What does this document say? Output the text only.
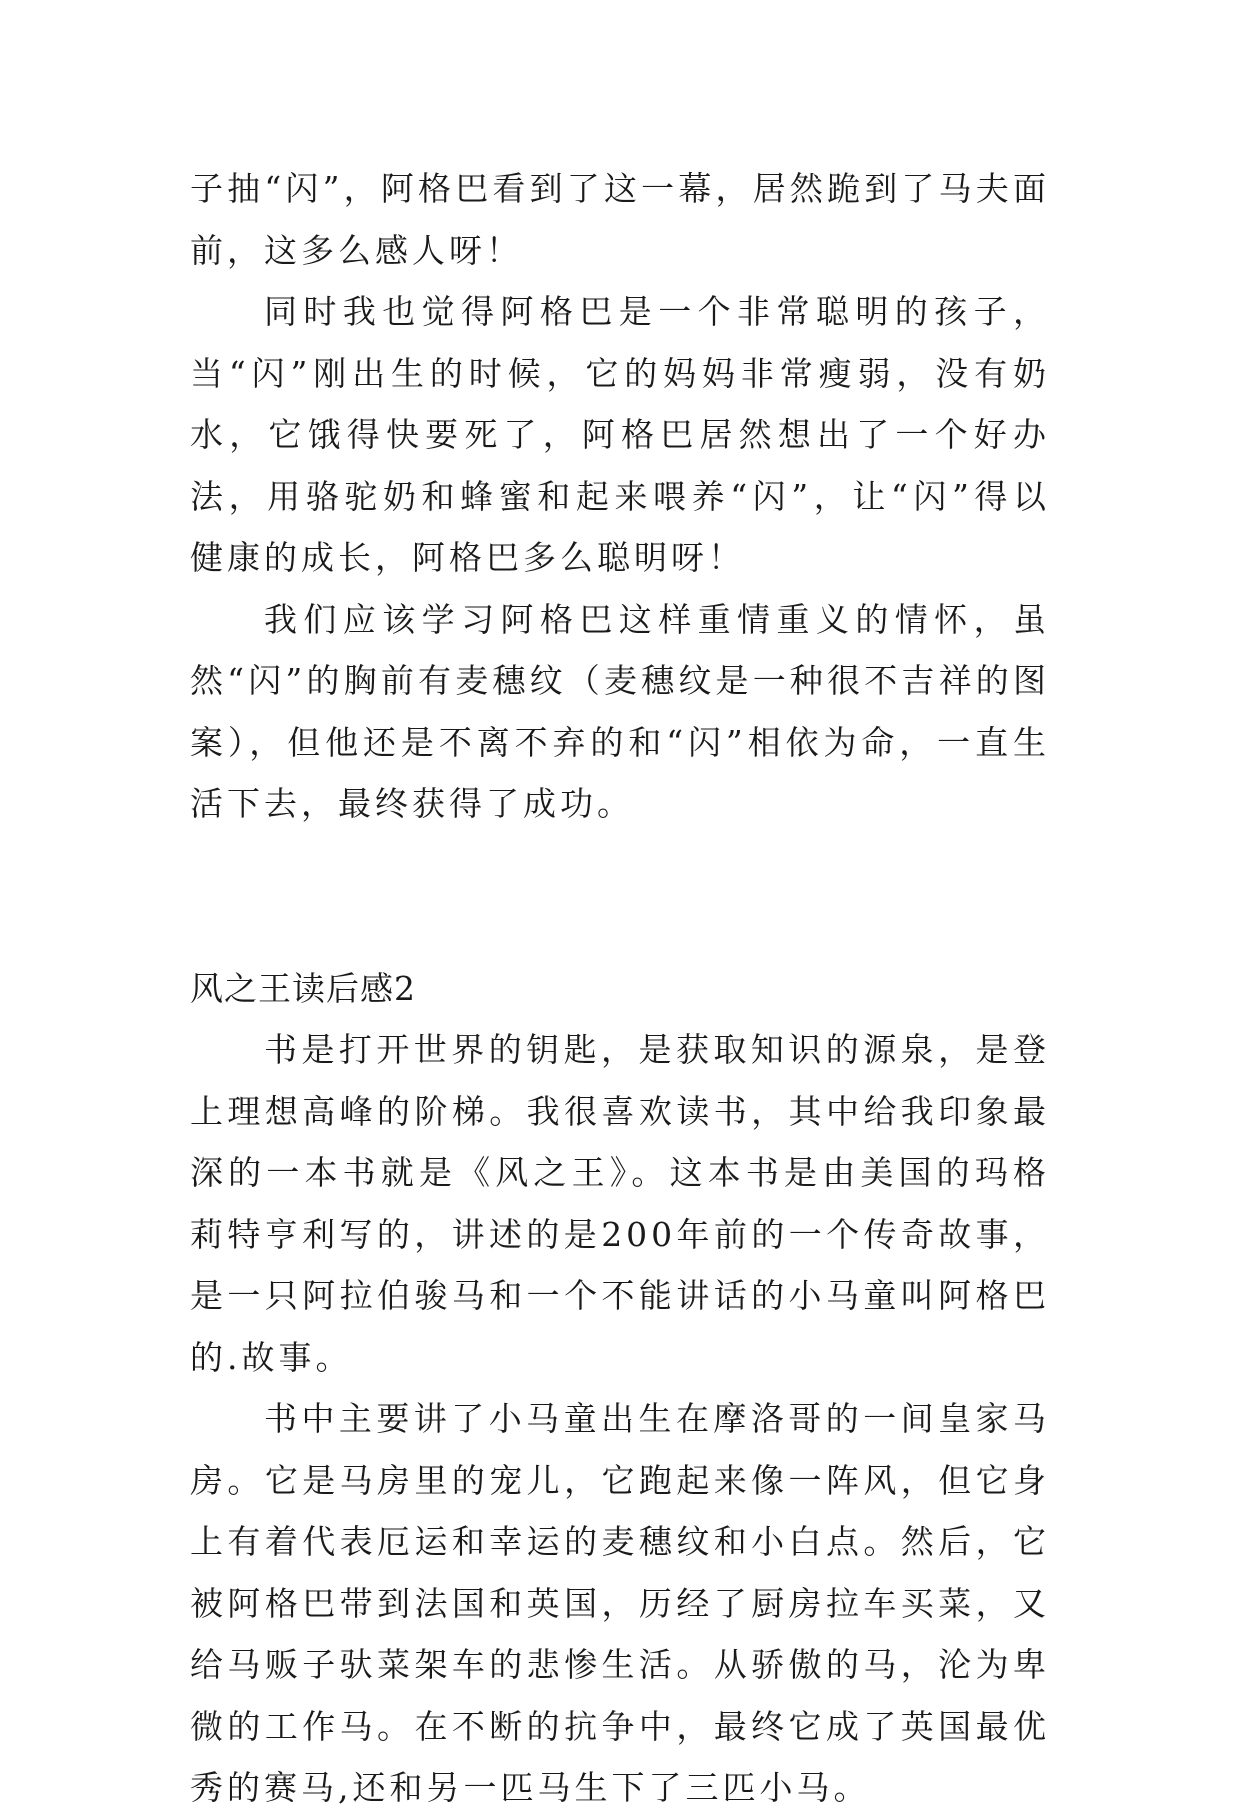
子抽“闪”，阿格巴看到了这一幕，居然跪到了马夫面前，这多么感人呀！

同时我也觉得阿格巴是一个非常聪明的孩子，当“闪”刚出生的时候，它的妈妈非常瘦弱，没有奶水，它饿得快要死了，阿格巴居然想出了一个好办法，用骆驼奶和蜂蜜和起来喂养“闪”，让“闪”得以健康的成长，阿格巴多么聪明呀！

我们应该学习阿格巴这样重情重义的情怀，虽然“闪”的胸前有麦穗纹（麦穗纹是一种很不吉祥的图案），但他还是不离不弃的和“闪”相依为命，一直生活下去，最终获得了成功。

风之王读后感2

书是打开世界的钥匙，是获取知识的源泉，是登上理想高峰的阶梯。我很喜欢读书，其中给我印象最深的一本书就是《风之王》。这本书是由美国的玛格莉特亨利写的，讲述的是200年前的一个传奇故事，是一只阿拉伯骏马和一个不能讲话的小马童叫阿格巴的.故事。

书中主要讲了小马童出生在摩洛哥的一间皇家马房。它是马房里的宠儿，它跑起来像一阵风，但它身上有着代表厄运和幸运的麦穗纹和小白点。然后，它被阿格巴带到法国和英国，历经了厨房拉车买菜，又给马贩子驮菜架车的悲惨生活。从骄傲的马，沦为卑微的工作马。在不断的抗争中，最终它成了英国最优秀的赛马,还和另一匹马生下了三匹小马。
